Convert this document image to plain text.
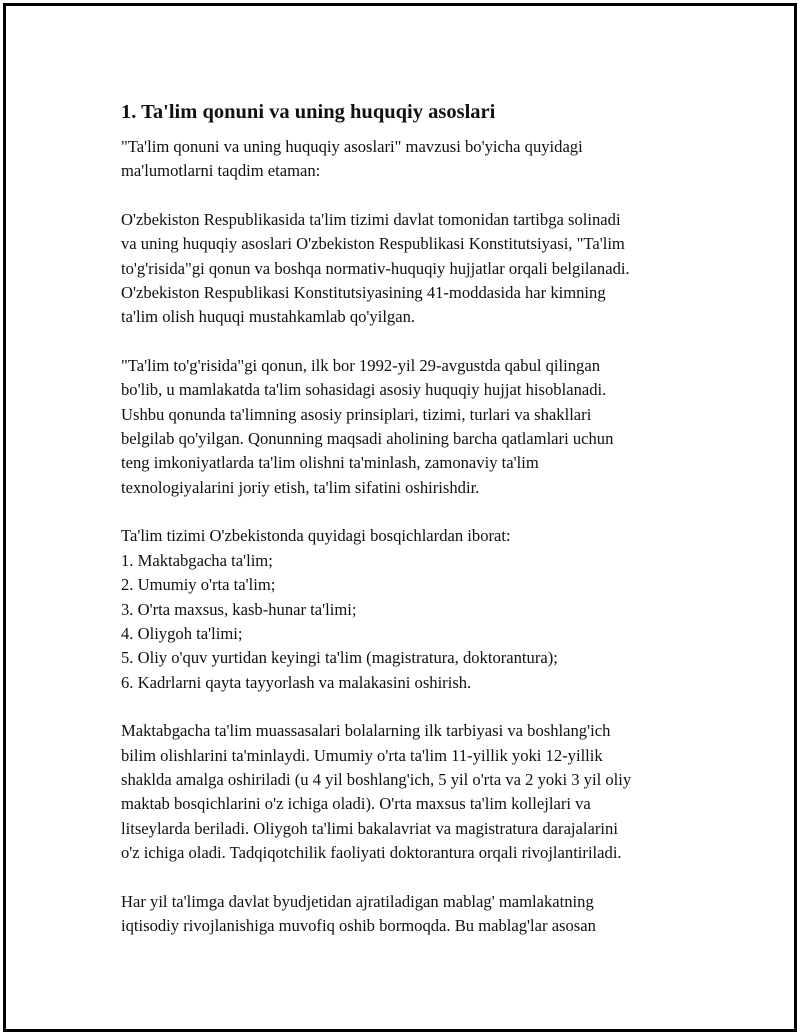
1. Ta'lim qonuni va uning huquqiy asoslari
"Ta'lim qonuni va uning huquqiy asoslari" mavzusi bo'yicha quyidagi
ma'lumotlarni taqdim etaman:
O'zbekiston Respublikasida ta'lim tizimi davlat tomonidan tartibga solinadi
va uning huquqiy asoslari O'zbekiston Respublikasi Konstitutsiyasi, "Ta'lim
to'g'risida"gi qonun va boshqa normativ-huquqiy hujjatlar orqali belgilanadi.
O'zbekiston Respublikasi Konstitutsiyasining 41-moddasida har kimning
ta'lim olish huquqi mustahkamlab qo'yilgan.
"Ta'lim to'g'risida"gi qonun, ilk bor 1992-yil 29-avgustda qabul qilingan
bo'lib, u mamlakatda ta'lim sohasidagi asosiy huquqiy hujjat hisoblanadi.
Ushbu qonunda ta'limning asosiy prinsiplari, tizimi, turlari va shakllari
belgilab qo'yilgan. Qonunning maqsadi aholining barcha qatlamlari uchun
teng imkoniyatlarda ta'lim olishni ta'minlash, zamonaviy ta'lim
texnologiyalarini joriy etish, ta'lim sifatini oshirishdir.
Ta'lim tizimi O'zbekistonda quyidagi bosqichlardan iborat:
1. Maktabgacha ta'lim;
2. Umumiy o'rta ta'lim;
3. O'rta maxsus, kasb-hunar ta'limi;
4. Oliygoh ta'limi;
5. Oliy o'quv yurtidan keyingi ta'lim (magistratura, doktorantura);
6. Kadrlarni qayta tayyorlash va malakasini oshirish.
Maktabgacha ta'lim muassasalari bolalarning ilk tarbiyasi va boshlang'ich
bilim olishlarini ta'minlaydi. Umumiy o'rta ta'lim 11-yillik yoki 12-yillik
shaklda amalga oshiriladi (u 4 yil boshlang'ich, 5 yil o'rta va 2 yoki 3 yil oliy
maktab bosqichlarini o'z ichiga oladi). O'rta maxsus ta'lim kollejlari va
litseylarda beriladi. Oliygoh ta'limi bakalavriat va magistratura darajalarini
o'z ichiga oladi. Tadqiqotchilik faoliyati doktorantura orqali rivojlantiriladi.
Har yil ta'limga davlat byudjetidan ajratiladigan mablag' mamlakatning
iqtisodiy rivojlanishiga muvofiq oshib bormoqda. Bu mablag'lar asosan
